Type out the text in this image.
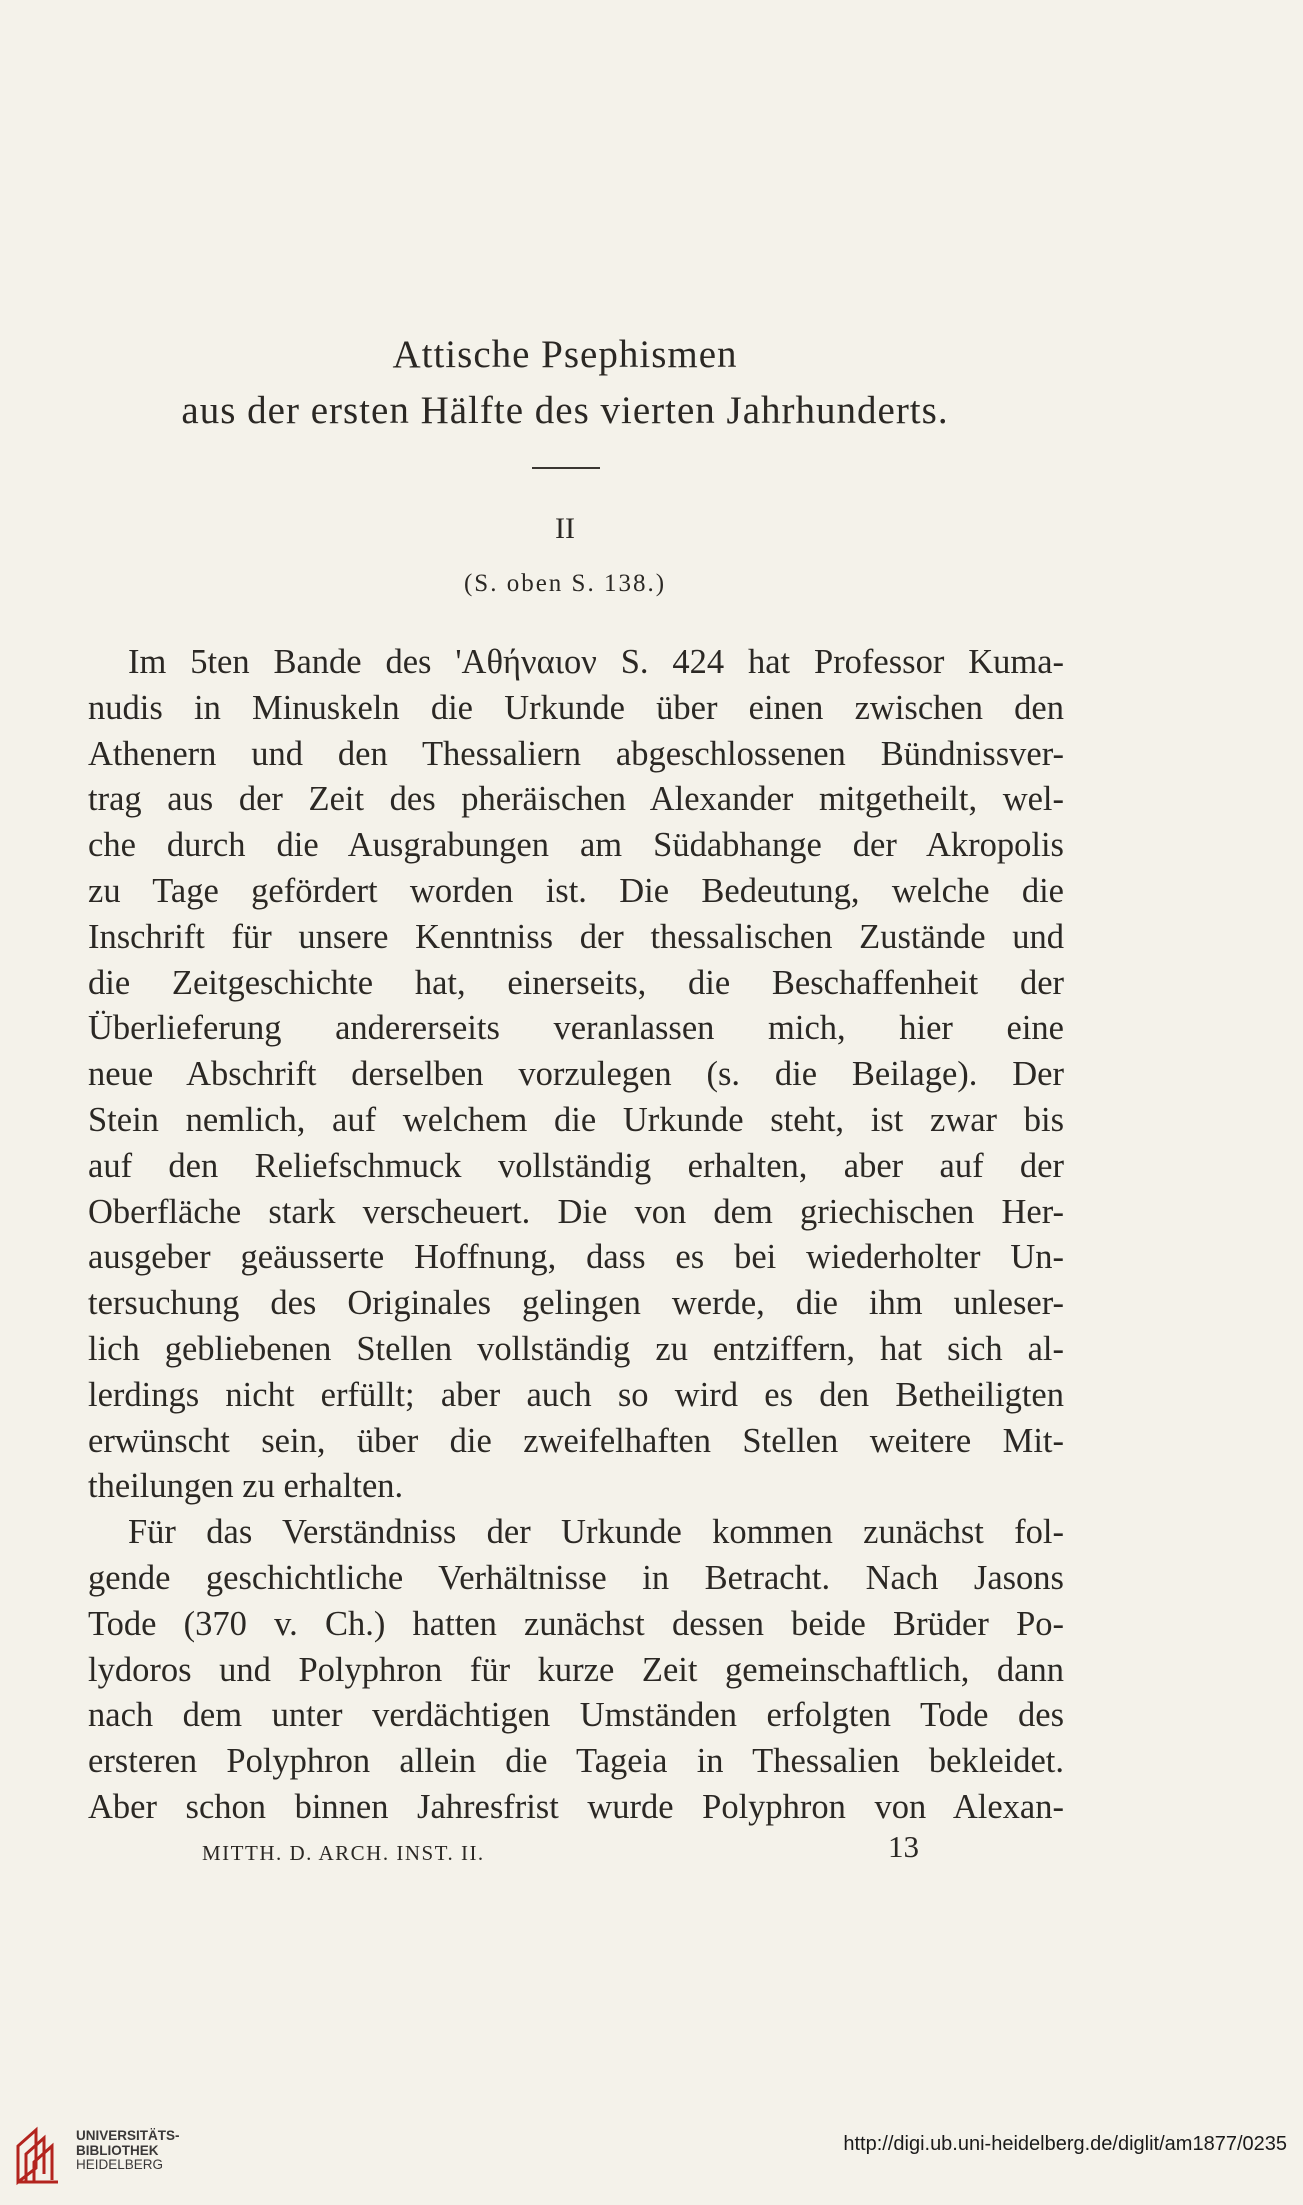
Attische Psephismen
aus der ersten Hälfte des vierten Jahrhunderts.
II
(S. oben S. 138.)
Im 5ten Bande des 'Αθήναιον S. 424 hat Professor Kuma-
nudis in Minuskeln die Urkunde über einen zwischen den
Athenern und den Thessaliern abgeschlossenen Bündnissver-
trag aus der Zeit des pheräischen Alexander mitgetheilt, wel-
che durch die Ausgrabungen am Südabhange der Akropolis
zu Tage gefördert worden ist. Die Bedeutung, welche die
Inschrift für unsere Kenntniss der thessalischen Zustände und
die Zeitgeschichte hat, einerseits, die Beschaffenheit der
Überlieferung andererseits veranlassen mich, hier eine
neue Abschrift derselben vorzulegen (s. die Beilage). Der
Stein nemlich, auf welchem die Urkunde steht, ist zwar bis
auf den Reliefschmuck vollständig erhalten, aber auf der
Oberfläche stark verscheuert. Die von dem griechischen Her-
ausgeber geäusserte Hoffnung, dass es bei wiederholter Un-
tersuchung des Originales gelingen werde, die ihm unleser-
lich gebliebenen Stellen vollständig zu entziffern, hat sich al-
lerdings nicht erfüllt; aber auch so wird es den Betheiligten
erwünscht sein, über die zweifelhaften Stellen weitere Mit-
theilungen zu erhalten.
Für das Verständniss der Urkunde kommen zunächst fol-
gende geschichtliche Verhältnisse in Betracht. Nach Jasons
Tode (370 v. Ch.) hatten zunächst dessen beide Brüder Po-
lydoros und Polyphron für kurze Zeit gemeinschaftlich, dann
nach dem unter verdächtigen Umständen erfolgten Tode des
ersteren Polyphron allein die Tageia in Thessalien bekleidet.
Aber schon binnen Jahresfrist wurde Polyphron von Alexan-
MITTH. D. ARCH. INST. II.	13
UNIVERSITÄTS-
BIBLIOTHEK
HEIDELBERG
http://digi.ub.uni-heidelberg.de/diglit/am1877/0235
